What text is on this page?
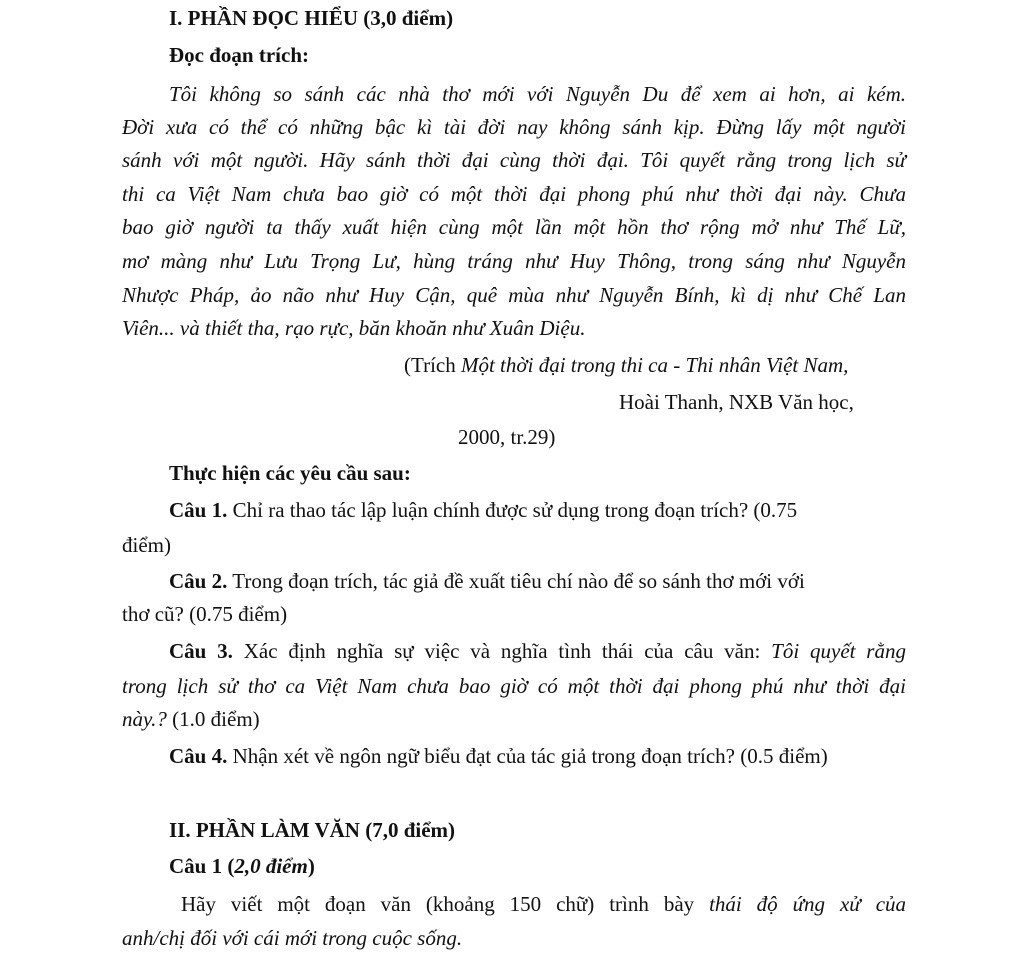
I. PHẦN ĐỌC HIỂU (3,0 điểm)
Đọc đoạn trích:
Tôi không so sánh các nhà thơ mới với Nguyễn Du để xem ai hơn, ai kém.
Đời xưa có thể có những bậc kì tài đời nay không sánh kịp. Đừng lấy một người
sánh với một người. Hãy sánh thời đại cùng thời đại. Tôi quyết rằng trong lịch sử
thi ca Việt Nam chưa bao giờ có một thời đại phong phú như thời đại này. Chưa
bao giờ người ta thấy xuất hiện cùng một lần một hồn thơ rộng mở như Thế Lữ,
mơ màng như Lưu Trọng Lư, hùng tráng như Huy Thông, trong sáng như Nguyễn
Nhược Pháp, ảo não như Huy Cận, quê mùa như Nguyễn Bính, kì dị như Chế Lan
Viên... và thiết tha, rạo rực, băn khoăn như Xuân Diệu.
(Trích Một thời đại trong thi ca - Thi nhân Việt Nam,
Hoài Thanh, NXB Văn học,
2000, tr.29)
Thực hiện các yêu cầu sau:
Câu 1. Chỉ ra thao tác lập luận chính được sử dụng trong đoạn trích? (0.75
điểm)
Câu 2. Trong đoạn trích, tác giả đề xuất tiêu chí nào để so sánh thơ mới với
thơ cũ? (0.75 điểm)
Câu 3. Xác định nghĩa sự việc và nghĩa tình thái của câu văn: Tôi quyết rằng
trong lịch sử thơ ca Việt Nam chưa bao giờ có một thời đại phong phú như thời đại
này.? (1.0 điểm)
Câu 4. Nhận xét về ngôn ngữ biểu đạt của tác giả trong đoạn trích? (0.5 điểm)
II. PHẦN LÀM VĂN (7,0 điểm)
Câu 1 (2,0 điểm)
Hãy viết một đoạn văn (khoảng 150 chữ) trình bày thái độ ứng xử của
anh/chị đối với cái mới trong cuộc sống.
